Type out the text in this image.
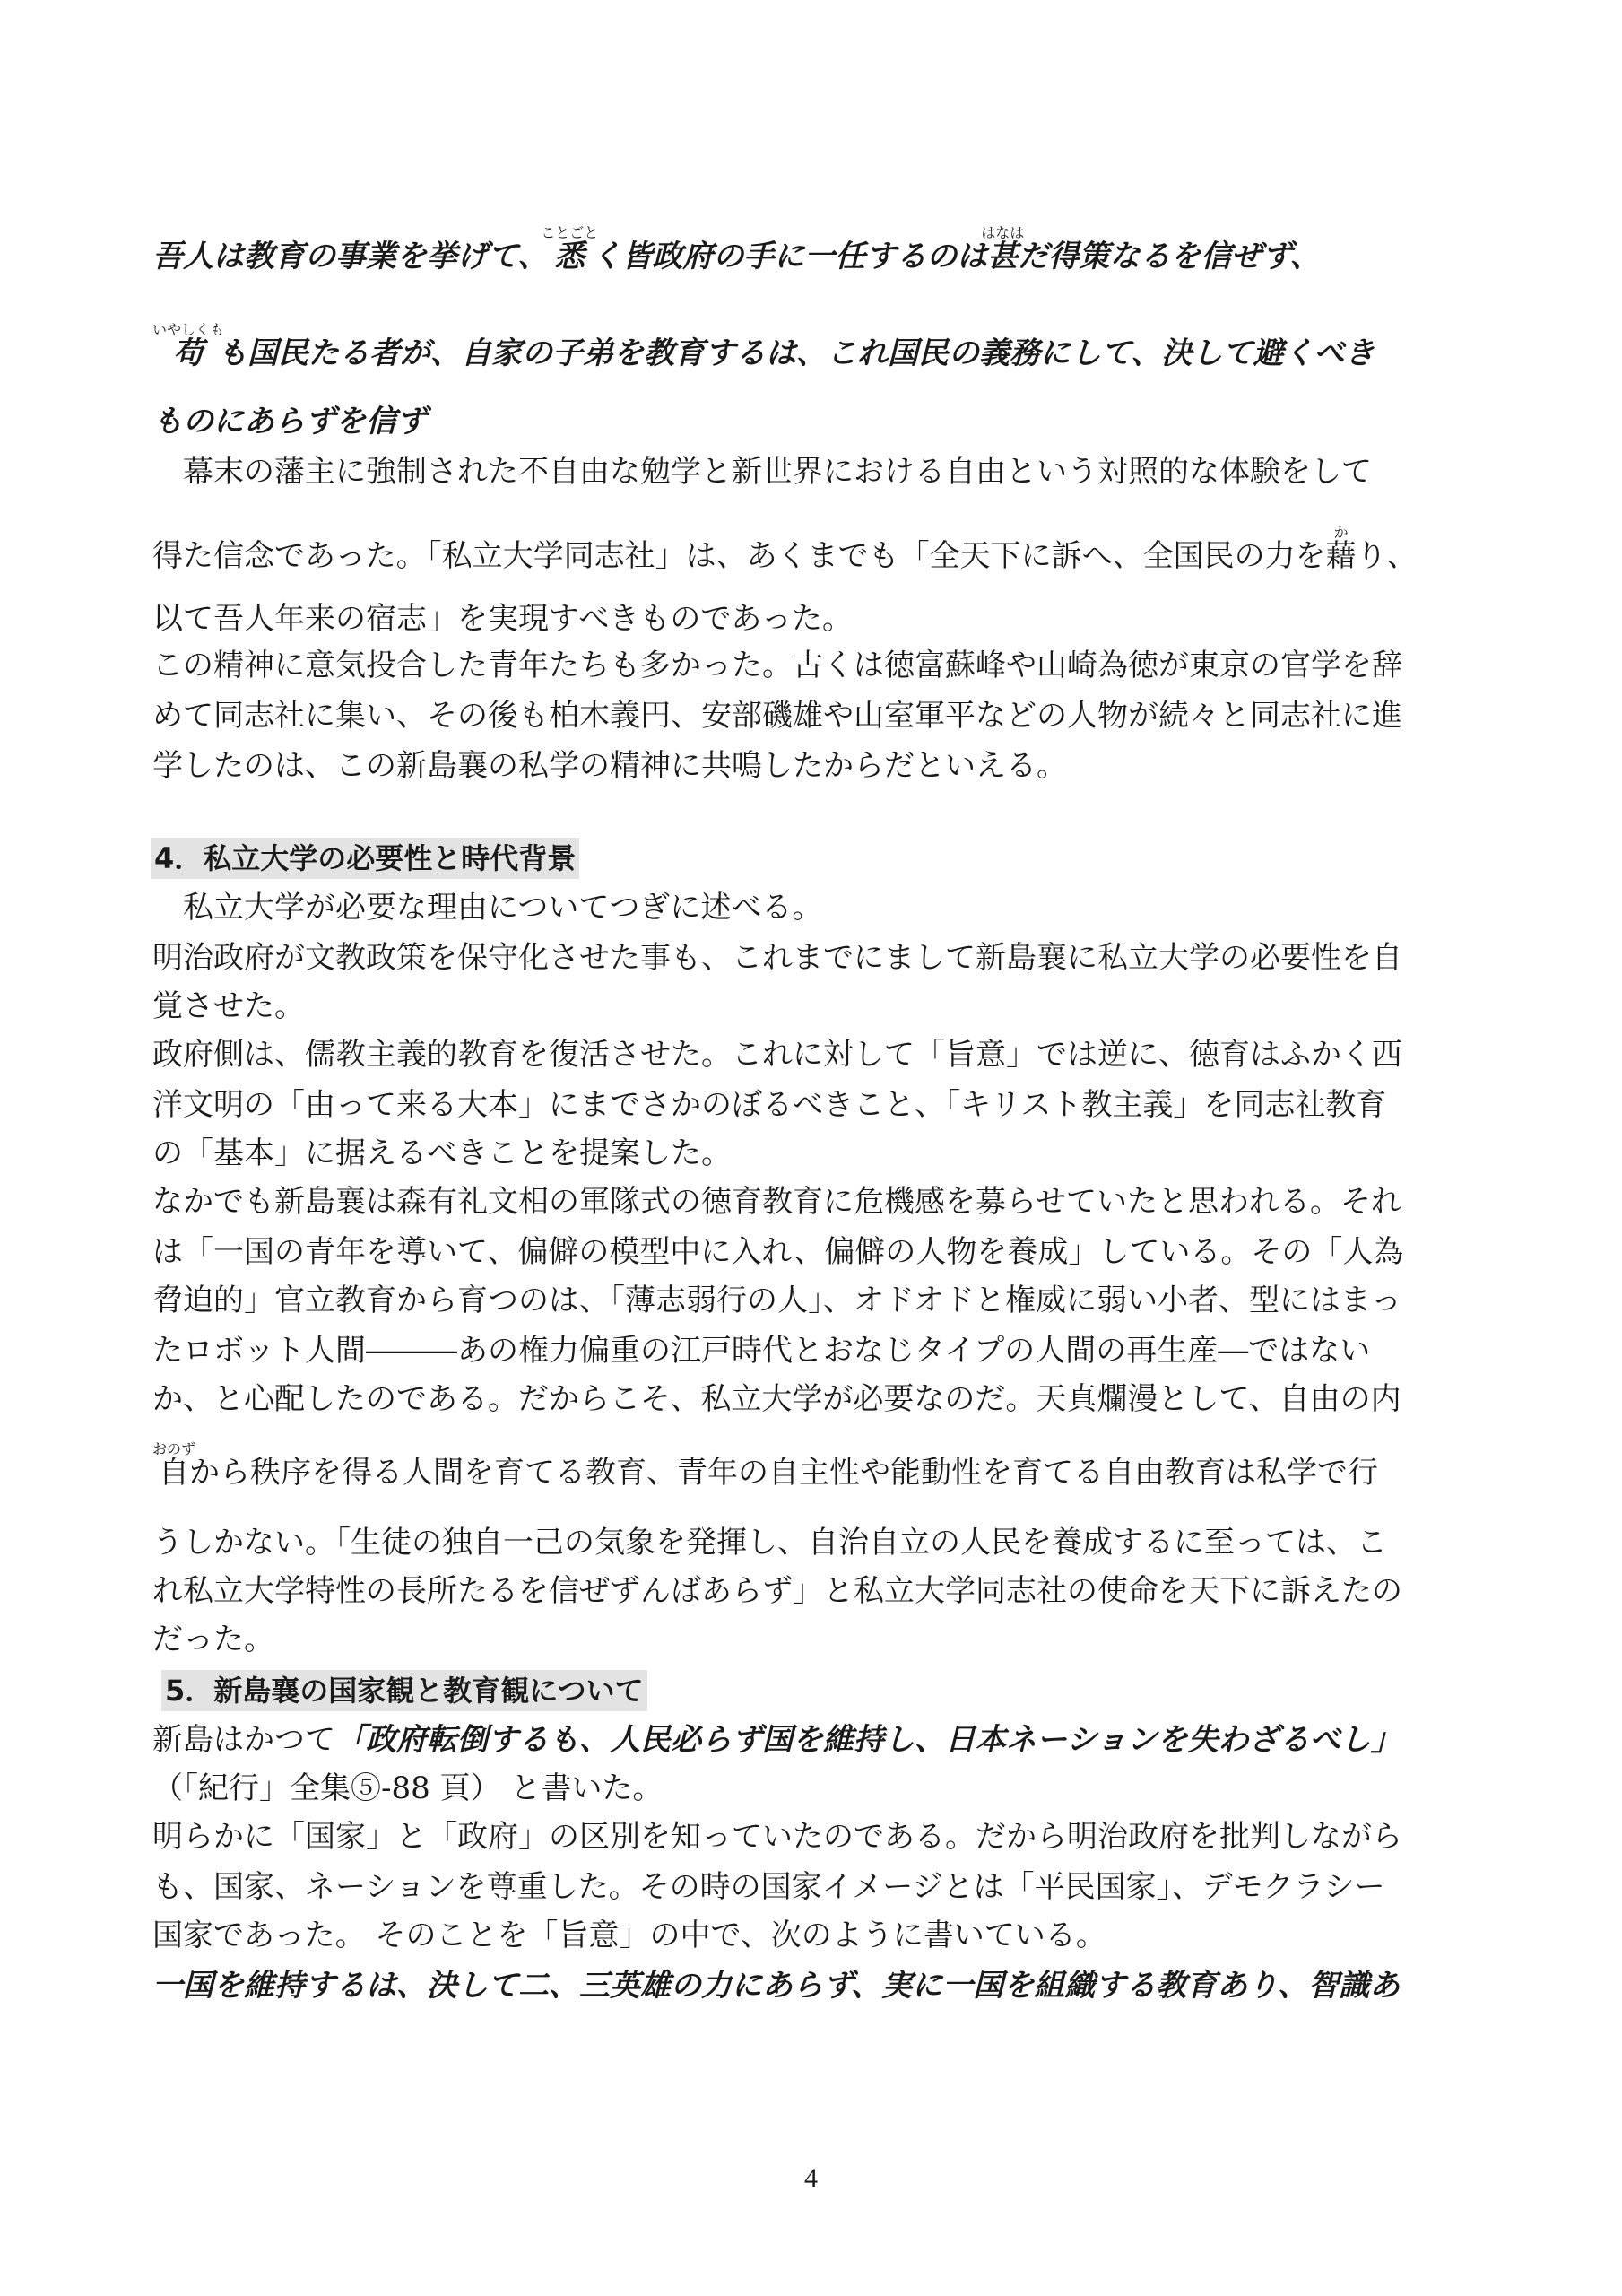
吾人は教育の事業を挙げて、悉ことごとく皆政府の手に一任するのは甚はなはだ得策なるを信ぜず、
苟いやしくもも国民たる者が、自家の子弟を教育するは、これ国民の義務にして、決して避くべき
ものにあらずを信ず
幕末の藩主に強制された不自由な勉学と新世界における自由という対照的な体験をして
得た信念であった。「私立大学同志社」は、あくまでも「全天下に訴へ、全国民の力を藉かり、
以て吾人年来の宿志」を実現すべきものであった。
この精神に意気投合した青年たちも多かった。古くは徳富蘇峰や山崎為徳が東京の官学を辞
めて同志社に集い、その後も柏木義円、安部磯雄や山室軍平などの人物が続々と同志社に進
学したのは、この新島襄の私学の精神に共鳴したからだといえる。
4．私立大学の必要性と時代背景
私立大学が必要な理由についてつぎに述べる。
明治政府が文教政策を保守化させた事も、これまでにまして新島襄に私立大学の必要性を自
覚させた。
政府側は、儒教主義的教育を復活させた。これに対して「旨意」では逆に、徳育はふかく西
洋文明の「由って来る大本」にまでさかのぼるべきこと、「キリスト教主義」を同志社教育
の「基本」に据えるべきことを提案した。
なかでも新島襄は森有礼文相の軍隊式の徳育教育に危機感を募らせていたと思われる。それ
は「一国の青年を導いて、偏僻の模型中に入れ、偏僻の人物を養成」している。その「人為
脅迫的」官立教育から育つのは、「薄志弱行の人」、オドオドと権威に弱い小者、型にはまっ
たロボット人間―――あの権力偏重の江戸時代とおなじタイプの人間の再生産―ではない
か、と心配したのである。だからこそ、私立大学が必要なのだ。天真爛漫として、自由の内
自おのずから秩序を得る人間を育てる教育、青年の自主性や能動性を育てる自由教育は私学で行
うしかない。「生徒の独自一己の気象を発揮し、自治自立の人民を養成するに至っては、こ
れ私立大学特性の長所たるを信ぜずんばあらず」と私立大学同志社の使命を天下に訴えたの
だった。
5．新島襄の国家観と教育観について
新島はかつて「政府転倒するも、人民必らず国を維持し、日本ネーションを失わざるべし」
（「紀行」全集⑤-88 頁） と書いた。
明らかに「国家」と「政府」の区別を知っていたのである。だから明治政府を批判しながら
も、国家、ネーションを尊重した。その時の国家イメージとは「平民国家」、デモクラシー
国家であった。 そのことを「旨意」の中で、次のように書いている。
一国を維持するは、決して二、三英雄の力にあらず、実に一国を組織する教育あり、智識あ
4
